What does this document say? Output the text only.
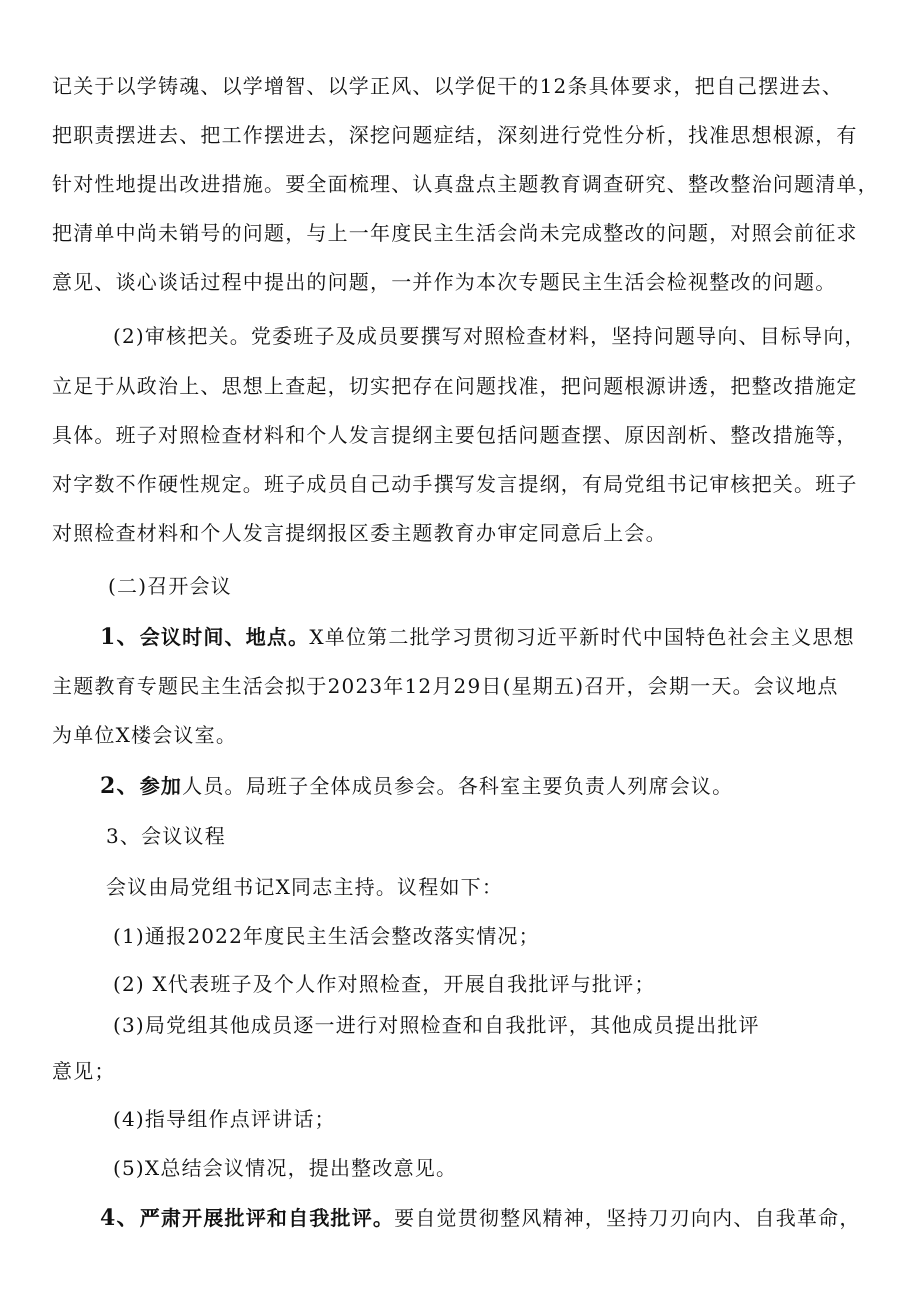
记关于以学铸魂、以学增智、以学正风、以学促干的12条具体要求，把自己摆进去、
把职责摆进去、把工作摆进去，深挖问题症结，深刻进行党性分析，找准思想根源，有
针对性地提出改进措施。要全面梳理、认真盘点主题教育调查研究、整改整治问题清单，
把清单中尚未销号的问题，与上一年度民主生活会尚未完成整改的问题，对照会前征求
意见、谈心谈话过程中提出的问题，一并作为本次专题民主生活会检视整改的问题。
(2)审核把关。党委班子及成员要撰写对照检查材料，坚持问题导向、目标导向，
立足于从政治上、思想上查起，切实把存在问题找准，把问题根源讲透，把整改措施定
具体。班子对照检查材料和个人发言提纲主要包括问题查摆、原因剖析、整改措施等，
对字数不作硬性规定。班子成员自己动手撰写发言提纲，有局党组书记审核把关。班子
对照检查材料和个人发言提纲报区委主题教育办审定同意后上会。
(二)召开会议
1、会议时间、地点。X单位第二批学习贯彻习近平新时代中国特色社会主义思想
主题教育专题民主生活会拟于2023年12月29日(星期五)召开，会期一天。会议地点
为单位X楼会议室。
2、参加人员。局班子全体成员参会。各科室主要负责人列席会议。
3、会议议程
会议由局党组书记X同志主持。议程如下：
(1)通报2022年度民主生活会整改落实情况；
(2) X代表班子及个人作对照检查，开展自我批评与批评；
(3)局党组其他成员逐一进行对照检查和自我批评，其他成员提出批评
意见；
(4)指导组作点评讲话；
(5)X总结会议情况，提出整改意见。
4、严肃开展批评和自我批评。要自觉贯彻整风精神，坚持刀刃向内、自我革命，
